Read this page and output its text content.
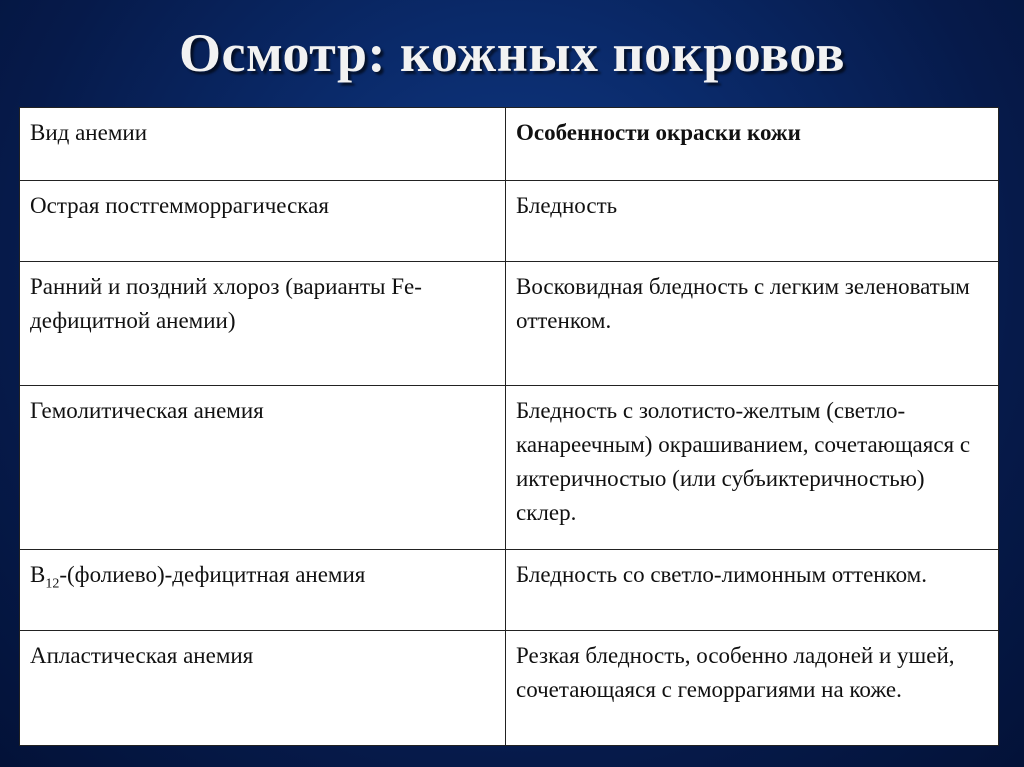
Осмотр: кожных покровов
Вид анемии	Особенности окраски кожи
Острая постгемморрагическая	Бледность
Ранний и поздний хлороз (варианты Fe-дефицитной анемии)	Восковидная бледность с легким зеленоватым оттенком.
Гемолитическая анемия	Бледность с золотисто-желтым (светло-канареечным) окрашиванием, сочетающаяся с иктеричностыо (или субъиктеричностью) склер.
$В_{12}-(фолиево)$-дефицитная анемия	Бледность со светло-лимонным оттенком.
Апластическая анемия	Резкая бледность, особенно ладоней и ушей, сочетающаяся с геморрагиями на коже.
